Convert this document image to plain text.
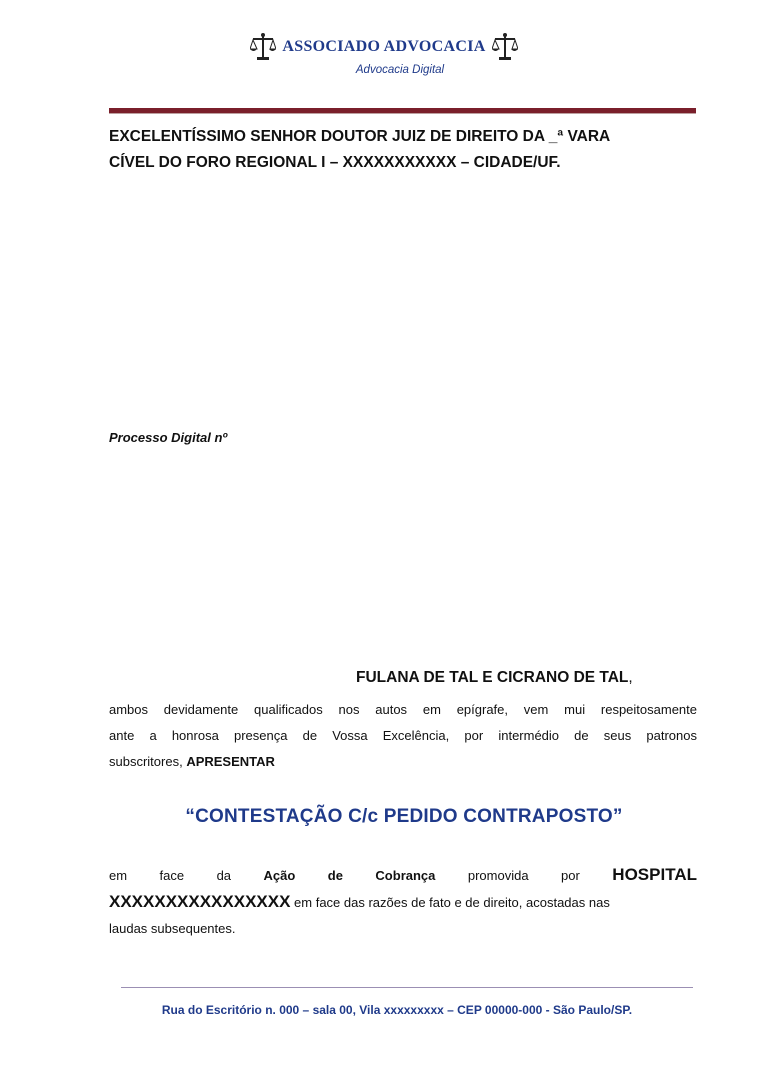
ASSOCIADO ADVOCACIA
Advocacia Digital
EXCELENTÍSSIMO SENHOR DOUTOR JUIZ DE DIREITO DA _ª VARA
CÍVEL DO FORO REGIONAL I – XXXXXXXXXXX – CIDADE/UF.
Processo Digital nº
FULANA DE TAL E CICRANO DE TAL,
ambos devidamente qualificados nos autos em epígrafe, vem mui respeitosamente
ante a honrosa presença de Vossa Excelência, por intermédio de seus patronos
subscritores, APRESENTAR
“CONTESTAÇÃO C/c PEDIDO CONTRAPOSTO”
em face da Ação de Cobrança promovida por HOSPITAL
XXXXXXXXXXXXXXXX em face das razões de fato e de direito, acostadas nas
laudas subsequentes.
Rua do Escritório n. 000 – sala 00, Vila xxxxxxxxx – CEP 00000-000 - São Paulo/SP.
